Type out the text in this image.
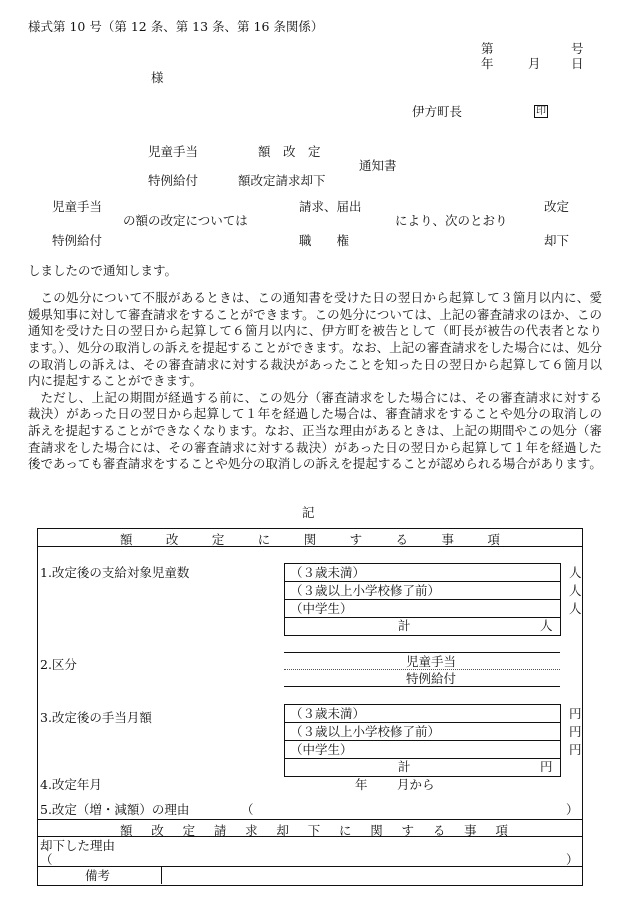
様式第 10 号（第 12 条、第 13 条、第 16 条関係）
第	号
年	月 日
様
伊方町長	印
児童手当	額　改　定
特例給付	額改定請求却下
通知書
児童手当
特例給付
の額の改定については
請求、届出
職　　権
により、次のとおり
改定
却下
しましたので通知します。

この処分について不服があるときは、この通知書を受けた日の翌日から起算して３箇月以内に、愛媛県知事に対して審査請求をすることができます。この処分については、上記の審査請求のほか、この通知を受けた日の翌日から起算して６箇月以内に、伊方町を被告として（町長が被告の代表者となります。）、処分の取消しの訴えを提起することができます。なお、上記の審査請求をした場合には、処分の取消しの訴えは、その審査請求に対する裁決があったことを知った日の翌日から起算して６箇月以内に提起することができます。

ただし、上記の期間が経過する前に、この処分（審査請求をした場合には、その審査請求に対する裁決）があった日の翌日から起算して１年を経過した場合は、審査請求をすることや処分の取消しの訴えを提起することができなくなります。なお、正当な理由があるときは、上記の期間やこの処分（審査請求をした場合には、その審査請求に対する裁決）があった日の翌日から起算して１年を経過した後であっても審査請求をすることや処分の取消しの訴えを提起することが認められる場合があります。

記
額	改	定	に	関	す	る	事	項
1.改定後の支給対象児童数	（３歳未満）	人
（３歳以上小学校修了前）	人
（中学生）	人
計	人
2.区分	児童手当
特例給付
3.改定後の手当月額	（３歳未満）	円
（３歳以上小学校修了前）	円
（中学生）	円
計	円
4.改定年月	年 月から
5.改定（増・減額）の理由	（	）
額 改 定 請 求 却 下 に 関 す る 事 項
却下した理由
（	）
備考
